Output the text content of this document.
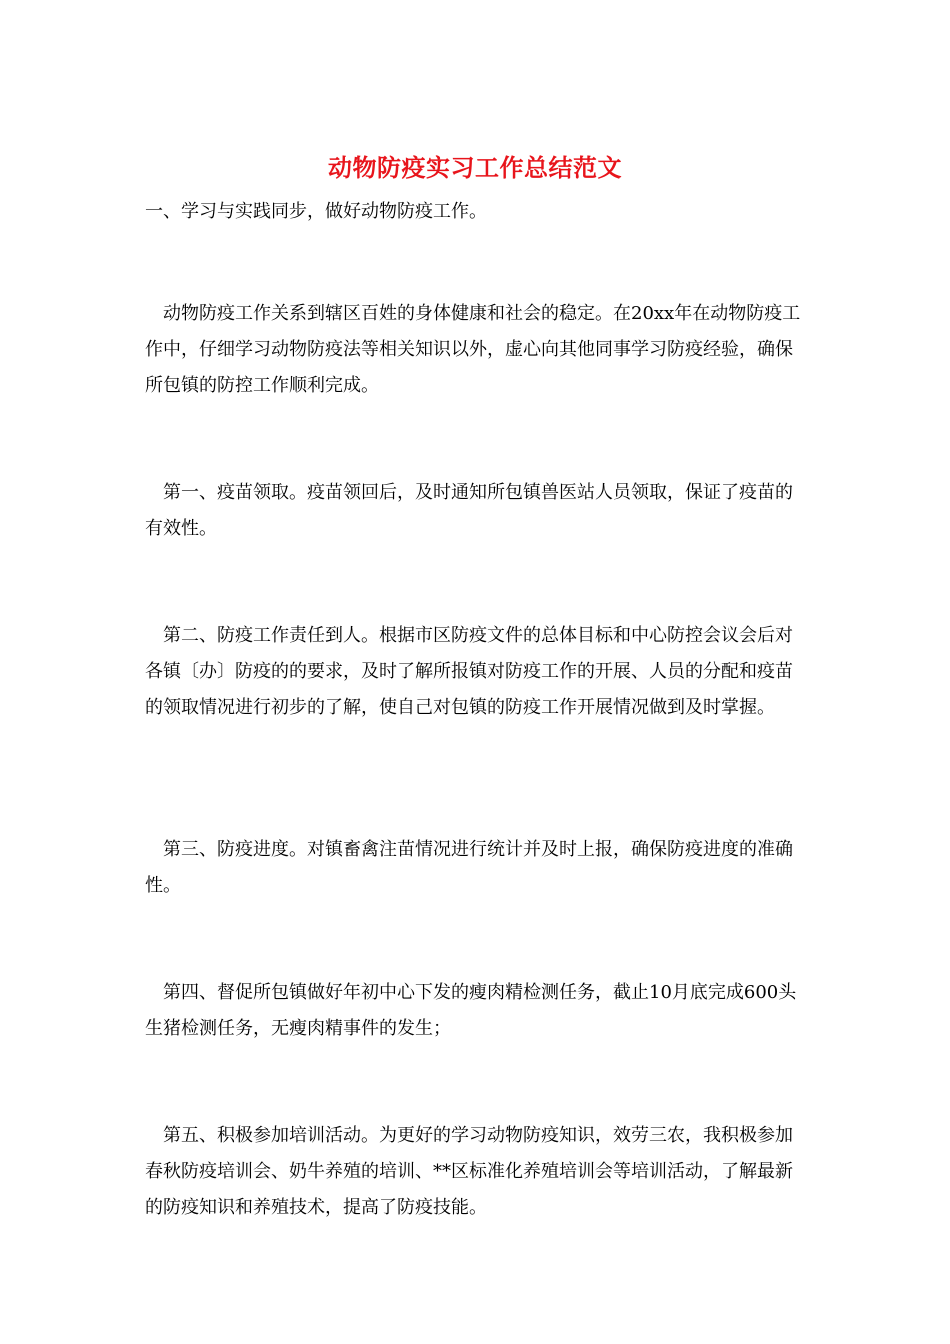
动物防疫实习工作总结范文
一、学习与实践同步，做好动物防疫工作。

动物防疫工作关系到辖区百姓的身体健康和社会的稳定。在20xx年在动物防疫工作中，仔细学习动物防疫法等相关知识以外，虚心向其他同事学习防疫经验，确保所包镇的防控工作顺利完成。

第一、疫苗领取。疫苗领回后，及时通知所包镇兽医站人员领取，保证了疫苗的有效性。

第二、防疫工作责任到人。根据市区防疫文件的总体目标和中心防控会议会后对各镇〔办〕防疫的的要求，及时了解所报镇对防疫工作的开展、人员的分配和疫苗的领取情况进行初步的了解，使自己对包镇的防疫工作开展情况做到及时掌握。

第三、防疫进度。对镇畜禽注苗情况进行统计并及时上报，确保防疫进度的准确性。

第四、督促所包镇做好年初中心下发的瘦肉精检测任务，截止10月底完成600头生猪检测任务，无瘦肉精事件的发生；

第五、积极参加培训活动。为更好的学习动物防疫知识，效劳三农，我积极参加春秋防疫培训会、奶牛养殖的培训、**区标准化养殖培训会等培训活动，了解最新的防疫知识和养殖技术，提高了防疫技能。
